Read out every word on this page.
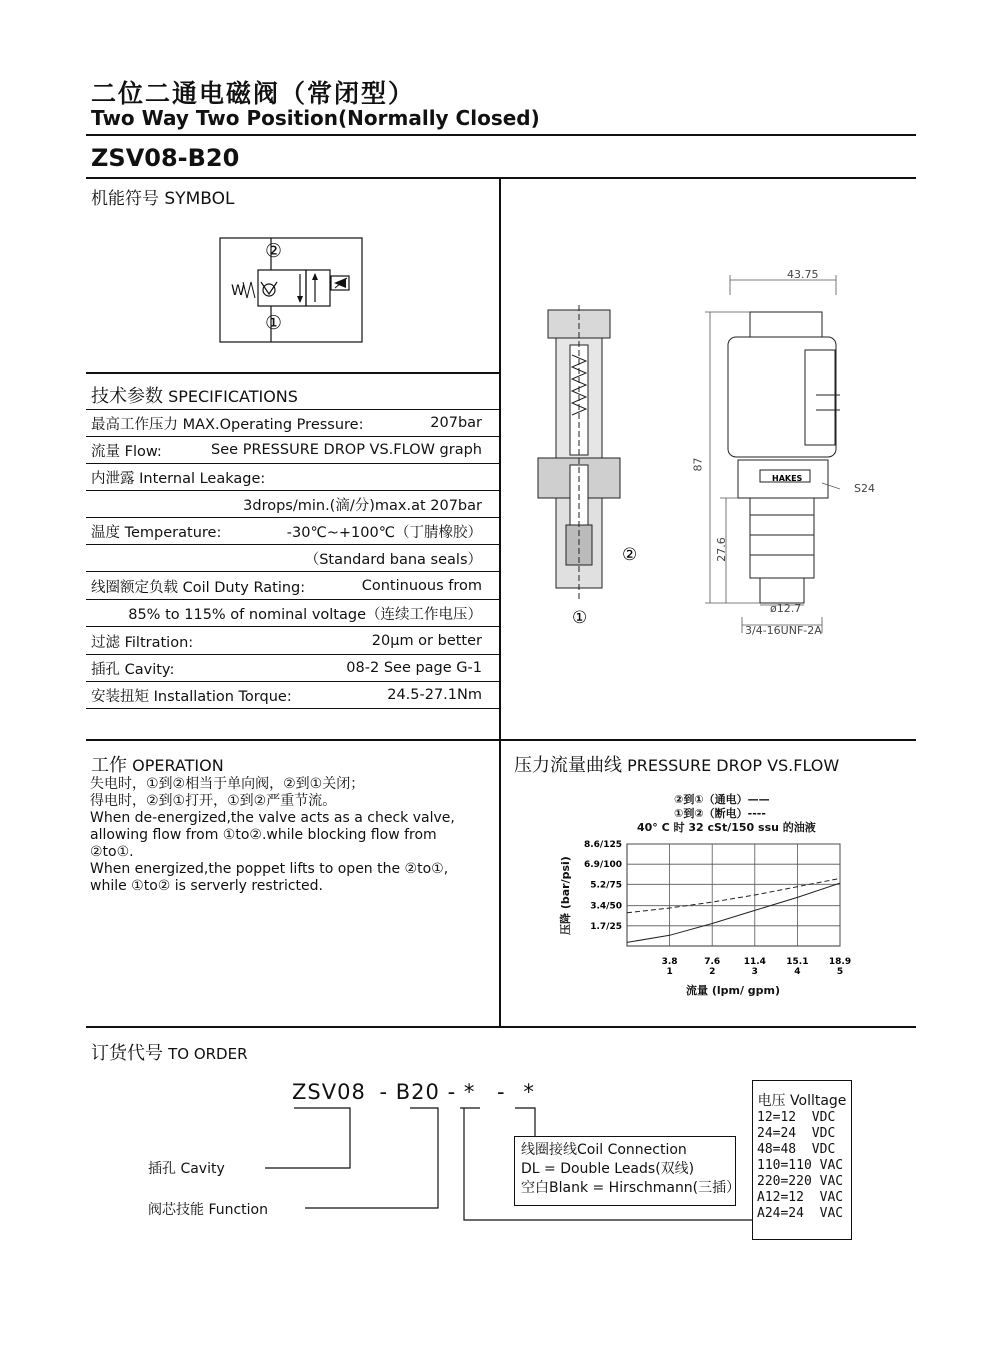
二位二通电磁阀（常闭型）
Two Way Two Position(Normally Closed)
ZSV08-B20
机能符号 SYMBOL
②
①
W
技术参数 SPECIFICATIONS
最高工作压力 MAX.Operating Pressure:	207bar
流量 Flow:	See PRESSURE DROP VS.FLOW graph
内泄露 Internal Leakage:
3drops/min.(滴/分)max.at 207bar
温度 Temperature:	-30℃~+100℃（丁腈橡胶）
（Standard bana seals）
线圈额定负载 Coil Duty Rating:	Continuous from
85% to 115% of nominal voltage（连续工作电压）
过滤 Filtration:	20μm or better
插孔 Cavity:	08-2 See page G-1
安装扭矩 Installation Torque:	24.5-27.1Nm
②
①
HAKES
43.75
87
27.6
ø12.7
3/4-16UNF-2A
S24
工作 OPERATION
失电时，①到②相当于单向阀，②到①关闭；
得电时，②到①打开，①到②严重节流。
When de-energized,the valve acts as a check valve,
allowing flow from ①to②.while blocking flow from
②to①.
When energized,the poppet lifts to open the ②to①,
while ①to② is serverly restricted.
压力流量曲线 PRESSURE DROP VS.FLOW
②到①（通电）——
①到②（断电）----
40° C 时 32 cSt/150 ssu 的油液
8.6/125
6.9/100
5.2/75
3.4/50
1.7/25
3.8
1
7.6
2
11.4
3
15.1
4
18.9
5
压降 (bar/psi)
流量 (lpm/ gpm)
订货代号 TO ORDER
ZSV08 - B20 - * - *
插孔 Cavity
阀芯技能 Function
线圈接线Coil Connection
DL = Double Leads(双线)
空白Blank = Hirschmann(三插）
电压 Volltage
12=12  VDC
24=24  VDC
48=48  VDC
110=110 VAC
220=220 VAC
A12=12  VAC
A24=24  VAC
